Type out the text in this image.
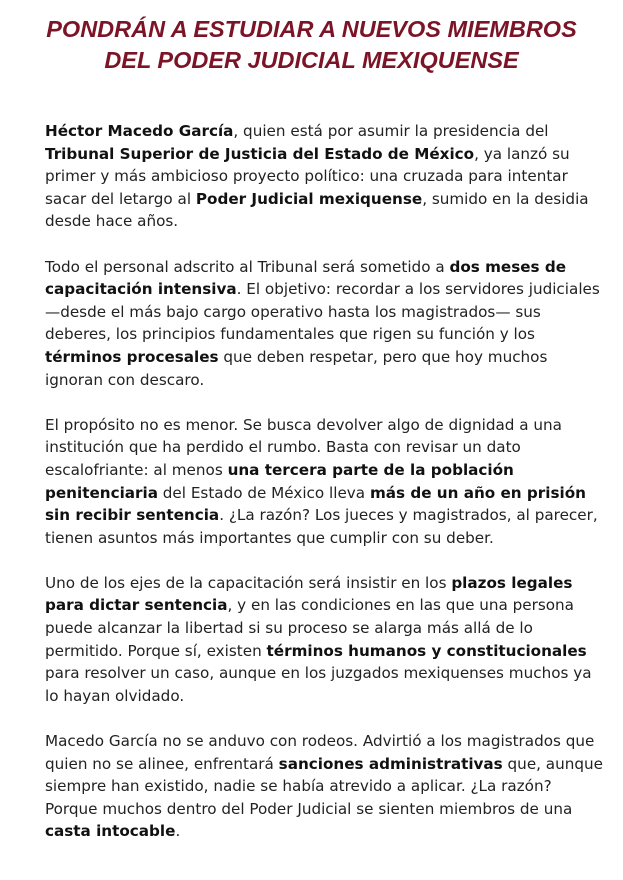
PONDRÁN A ESTUDIAR A NUEVOS MIEMBROS
DEL PODER JUDICIAL MEXIQUENSE

Héctor Macedo García, quien está por asumir la presidencia del Tribunal Superior de Justicia del Estado de México, ya lanzó su primer y más ambicioso proyecto político: una cruzada para intentar sacar del letargo al Poder Judicial mexiquense, sumido en la desidia desde hace años.

Todo el personal adscrito al Tribunal será sometido a dos meses de capacitación intensiva. El objetivo: recordar a los servidores judiciales —desde el más bajo cargo operativo hasta los magistrados— sus deberes, los principios fundamentales que rigen su función y los términos procesales que deben respetar, pero que hoy muchos ignoran con descaro.

El propósito no es menor. Se busca devolver algo de dignidad a una institución que ha perdido el rumbo. Basta con revisar un dato escalofriante: al menos una tercera parte de la población penitenciaria del Estado de México lleva más de un año en prisión sin recibir sentencia. ¿La razón? Los jueces y magistrados, al parecer, tienen asuntos más importantes que cumplir con su deber.

Uno de los ejes de la capacitación será insistir en los plazos legales para dictar sentencia, y en las condiciones en las que una persona puede alcanzar la libertad si su proceso se alarga más allá de lo permitido. Porque sí, existen términos humanos y constitucionales para resolver un caso, aunque en los juzgados mexiquenses muchos ya lo hayan olvidado.

Macedo García no se anduvo con rodeos. Advirtió a los magistrados que quien no se alinee, enfrentará sanciones administrativas que, aunque siempre han existido, nadie se había atrevido a aplicar. ¿La razón? Porque muchos dentro del Poder Judicial se sienten miembros de una casta intocable.
